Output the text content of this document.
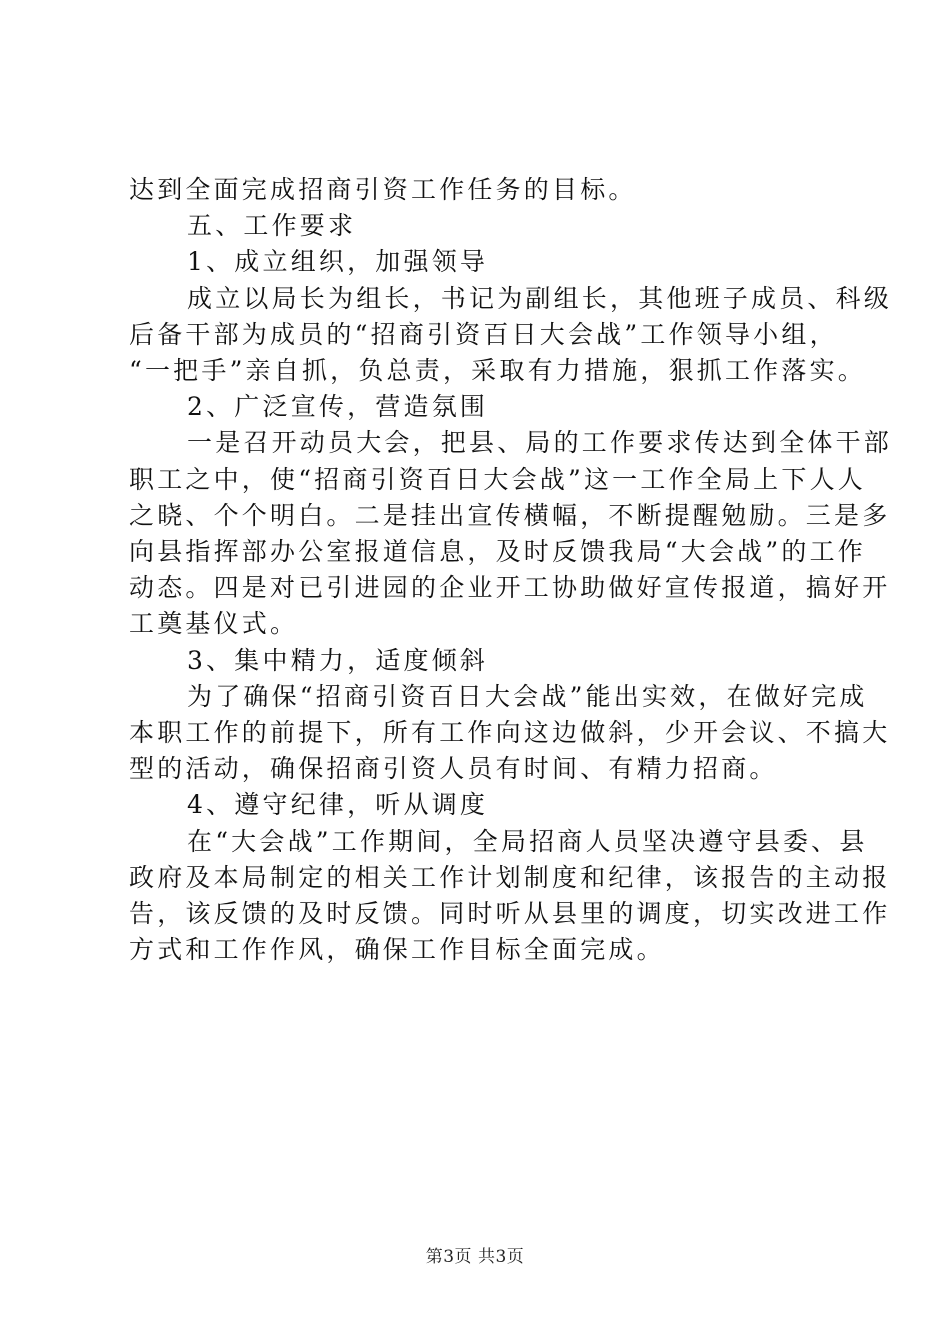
达到全面完成招商引资工作任务的目标。

五、工作要求

1、成立组织，加强领导

成立以局长为组长，书记为副组长，其他班子成员、科级

后备干部为成员的“招商引资百日大会战”工作领导小组，

“一把手”亲自抓，负总责，采取有力措施，狠抓工作落实。

2、广泛宣传，营造氛围

一是召开动员大会，把县、局的工作要求传达到全体干部

职工之中，使“招商引资百日大会战”这一工作全局上下人人

之晓、个个明白。二是挂出宣传横幅，不断提醒勉励。三是多

向县指挥部办公室报道信息，及时反馈我局“大会战”的工作

动态。四是对已引进园的企业开工协助做好宣传报道，搞好开

工奠基仪式。

3、集中精力，适度倾斜

为了确保“招商引资百日大会战”能出实效，在做好完成

本职工作的前提下，所有工作向这边做斜，少开会议、不搞大

型的活动，确保招商引资人员有时间、有精力招商。

4、遵守纪律，听从调度

在“大会战”工作期间，全局招商人员坚决遵守县委、县

政府及本局制定的相关工作计划制度和纪律，该报告的主动报

告，该反馈的及时反馈。同时听从县里的调度，切实改进工作

方式和工作作风，确保工作目标全面完成。

第3页 共3页
